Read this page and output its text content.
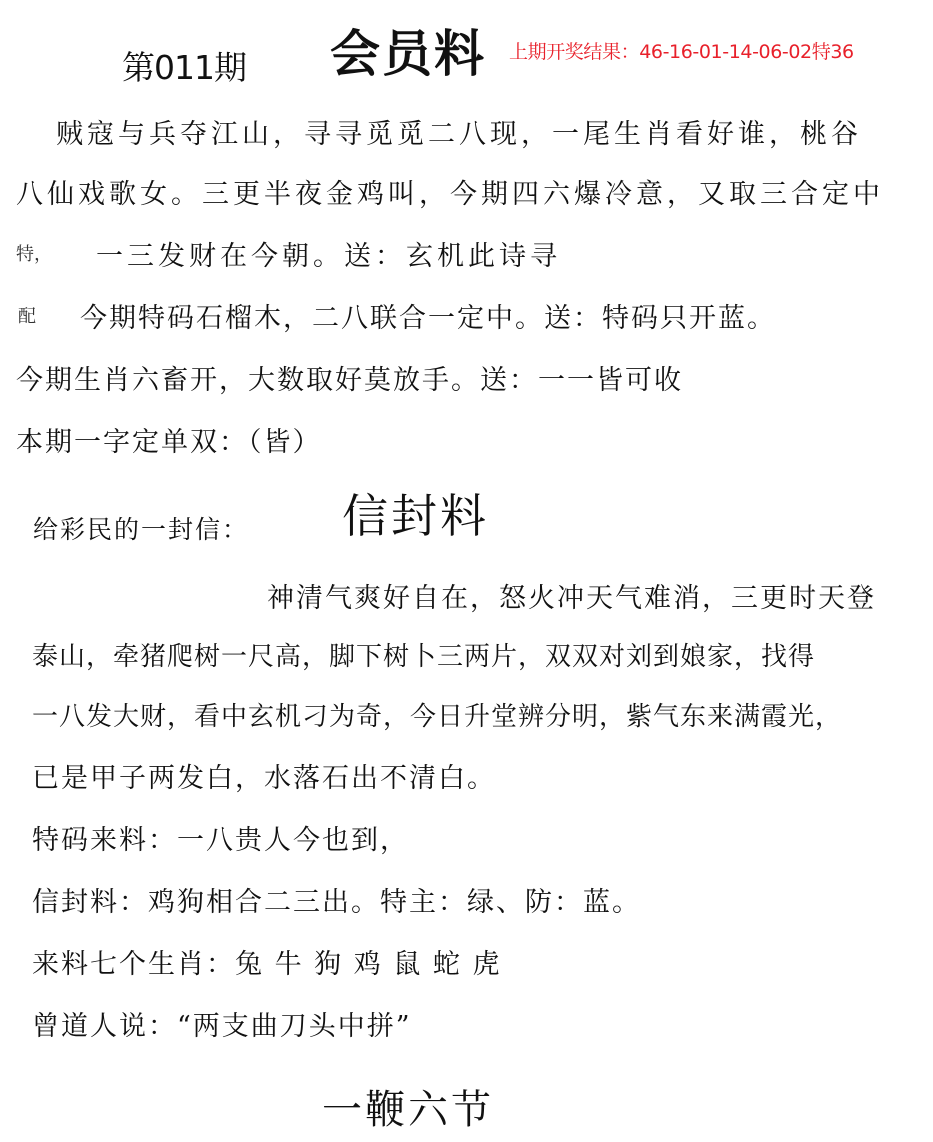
第011期 会员料 上期开奖结果：46-16-01-14-06-02特36
贼寇与兵夺江山，寻寻觅觅二八现，一尾生肖看好谁，桃谷
八仙戏歌女。三更半夜金鸡叫，今期四六爆冷意，又取三合定中
特， 一三发财在今朝。送：玄机此诗寻
配 今期特码石榴木，二八联合一定中。送：特码只开蓝。
今期生肖六畜开，大数取好莫放手。送：一一皆可收
本期一字定单双：（皆）
给彩民的一封信： 信封料
神清气爽好自在，怒火冲天气难消，三更时天登
泰山，牵猪爬树一尺高，脚下树卜三两片，双双对刘到娘家，找得
一八发大财，看中玄机刁为奇，今日升堂辨分明，紫气东来满霞光，
已是甲子两发白，水落石出不清白。
特码来料：一八贵人今也到，
信封料：鸡狗相合二三出。特主：绿、防：蓝。
来料七个生肖：兔 牛 狗 鸡 鼠 蛇 虎
曾道人说：“两支曲刀头中拼”
一鞭六节
